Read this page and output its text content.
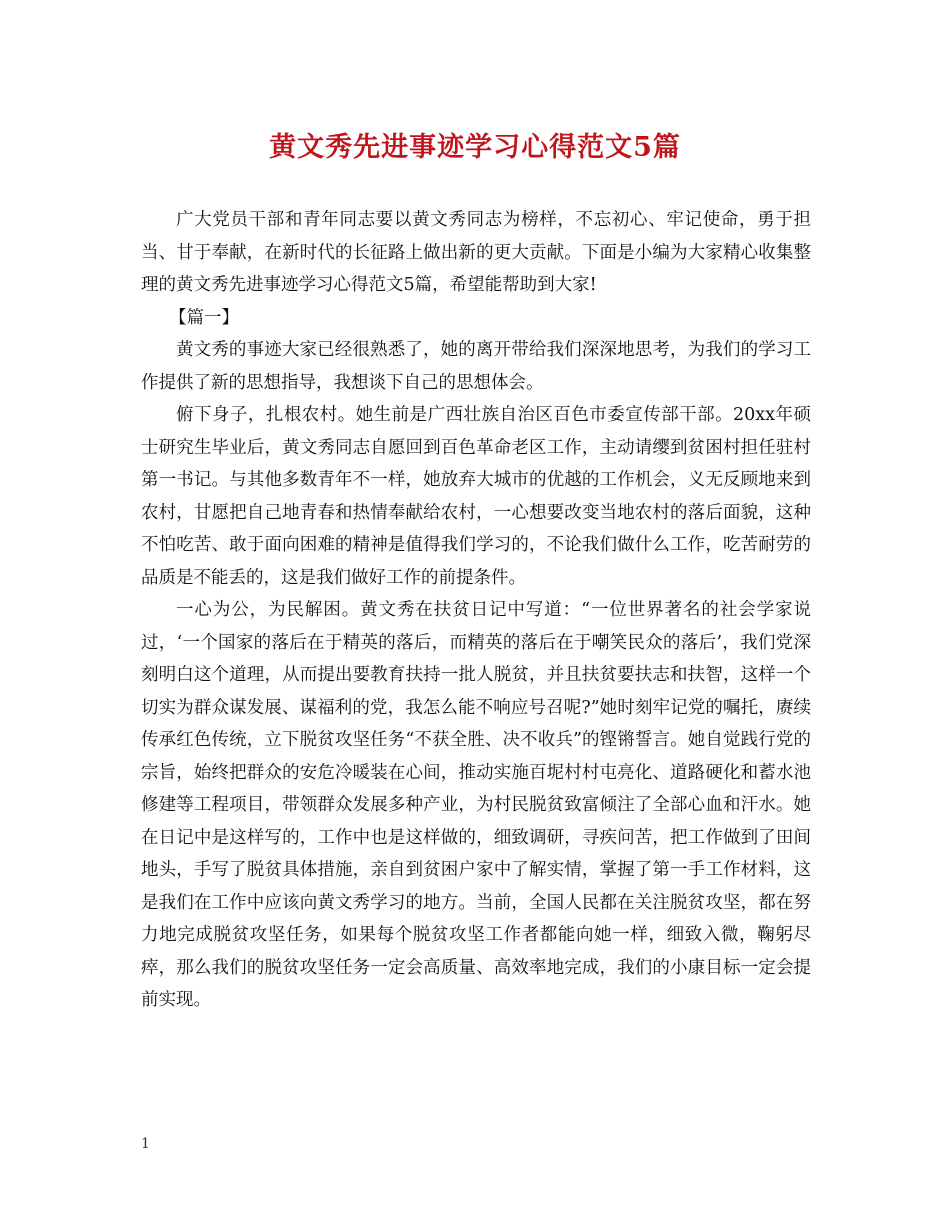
黄文秀先进事迹学习心得范文5篇

广大党员干部和青年同志要以黄文秀同志为榜样，不忘初心、牢记使命，勇于担当、甘于奉献，在新时代的长征路上做出新的更大贡献。下面是小编为大家精心收集整理的黄文秀先进事迹学习心得范文5篇，希望能帮助到大家!

【篇一】

黄文秀的事迹大家已经很熟悉了，她的离开带给我们深深地思考，为我们的学习工作提供了新的思想指导，我想谈下自己的思想体会。

俯下身子，扎根农村。她生前是广西壮族自治区百色市委宣传部干部。20xx年硕士研究生毕业后，黄文秀同志自愿回到百色革命老区工作，主动请缨到贫困村担任驻村第一书记。与其他多数青年不一样，她放弃大城市的优越的工作机会，义无反顾地来到农村，甘愿把自己地青春和热情奉献给农村，一心想要改变当地农村的落后面貌，这种不怕吃苦、敢于面向困难的精神是值得我们学习的，不论我们做什么工作，吃苦耐劳的品质是不能丢的，这是我们做好工作的前提条件。

一心为公，为民解困。黄文秀在扶贫日记中写道：“一位世界著名的社会学家说过，‘一个国家的落后在于精英的落后，而精英的落后在于嘲笑民众的落后’，我们党深刻明白这个道理，从而提出要教育扶持一批人脱贫，并且扶贫要扶志和扶智，这样一个切实为群众谋发展、谋福利的党，我怎么能不响应号召呢?”她时刻牢记党的嘱托，赓续传承红色传统，立下脱贫攻坚任务“不获全胜、决不收兵”的铿锵誓言。她自觉践行党的宗旨，始终把群众的安危冷暖装在心间，推动实施百坭村村屯亮化、道路硬化和蓄水池修建等工程项目，带领群众发展多种产业，为村民脱贫致富倾注了全部心血和汗水。她在日记中是这样写的，工作中也是这样做的，细致调研，寻疾问苦，把工作做到了田间地头，手写了脱贫具体措施，亲自到贫困户家中了解实情，掌握了第一手工作材料，这是我们在工作中应该向黄文秀学习的地方。当前，全国人民都在关注脱贫攻坚，都在努力地完成脱贫攻坚任务，如果每个脱贫攻坚工作者都能向她一样，细致入微，鞠躬尽瘁，那么我们的脱贫攻坚任务一定会高质量、高效率地完成，我们的小康目标一定会提前实现。

1
